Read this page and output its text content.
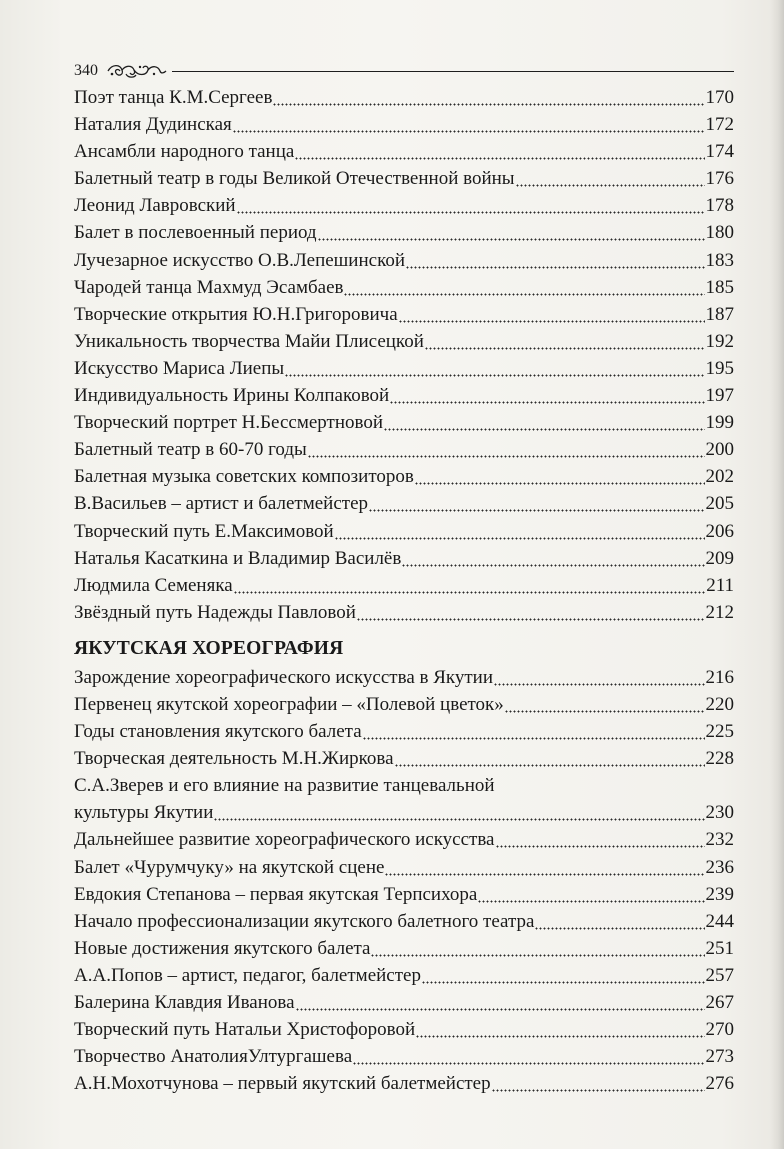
340
Поэт танца К.М.Сергеев	170
Наталия Дудинская	172
Ансамбли народного танца	174
Балетный театр в годы Великой Отечественной войны	176
Леонид Лавровский	178
Балет в послевоенный период	180
Лучезарное искусство О.В.Лепешинской	183
Чародей танца Махмуд Эсамбаев	185
Творческие открытия Ю.Н.Григоровича	187
Уникальность творчества Майи Плисецкой	192
Искусство Мариса Лиепы	195
Индивидуальность Ирины Колпаковой	197
Творческий портрет Н.Бессмертновой	199
Балетный театр в 60-70 годы	200
Балетная музыка советских композиторов	202
В.Васильев – артист и балетмейстер	205
Творческий путь Е.Максимовой	206
Наталья Касаткина и Владимир Василёв	209
Людмила Семеняка	211
Звёздный путь Надежды Павловой	212
ЯКУТСКАЯ ХОРЕОГРАФИЯ
Зарождение хореографического искусства в Якутии	216
Первенец якутской хореографии – «Полевой цветок»	220
Годы становления якутского балета	225
Творческая деятельность М.Н.Жиркова	228
С.А.Зверев и его влияние на развитие танцевальной
культуры Якутии	230
Дальнейшее развитие хореографического искусства	232
Балет «Чурумчуку» на якутской сцене	236
Евдокия Степанова – первая якутская Терпсихора	239
Начало профессионализации якутского балетного театра	244
Новые достижения якутского балета	251
А.А.Попов – артист, педагог, балетмейстер	257
Балерина Клавдия Иванова	267
Творческий путь Натальи Христофоровой	270
Творчество АнатолияУлтургашева	273
А.Н.Мохотчунова – первый якутский балетмейстер	276
